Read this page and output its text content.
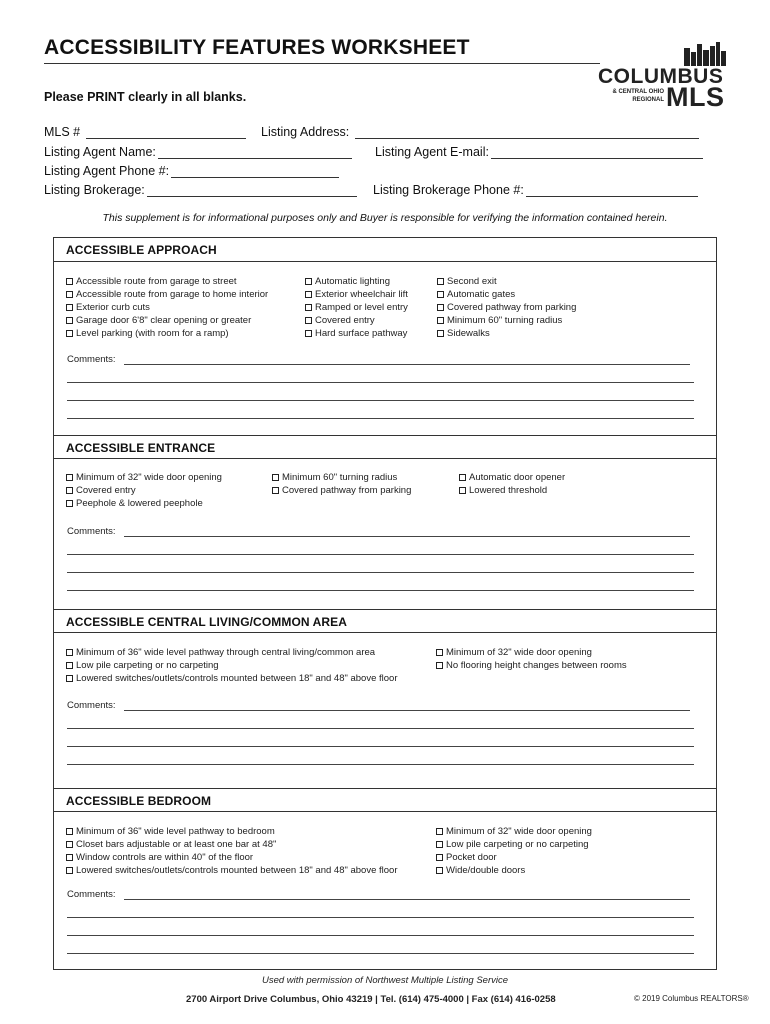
ACCESSIBILITY FEATURES WORKSHEET
COLUMBUS
& CENTRAL OHIO
REGIONAL MLS
Please PRINT clearly in all blanks.
MLS #	Listing Address:
Listing Agent Name:	Listing Agent E-mail:
Listing Agent Phone #:
Listing Brokerage:	Listing Brokerage Phone #:
This supplement is for informational purposes only and Buyer is responsible for verifying the information contained herein.
ACCESSIBLE APPROACH
Accessible route from garage to street
Accessible route from garage to home interior
Exterior curb cuts
Garage door 6'8" clear opening or greater
Level parking (with room for a ramp)
Automatic lighting
Exterior wheelchair lift
Ramped or level entry
Covered entry
Hard surface pathway
Second exit
Automatic gates
Covered pathway from parking
Minimum 60" turning radius
Sidewalks
Comments:
ACCESSIBLE ENTRANCE
Minimum of 32" wide door opening
Covered entry
Peephole & lowered peephole
Minimum 60" turning radius
Covered pathway from parking
Automatic door opener
Lowered threshold
Comments:
ACCESSIBLE CENTRAL LIVING/COMMON AREA
Minimum of 36" wide level pathway through central living/common area
Low pile carpeting or no carpeting
Lowered switches/outlets/controls mounted between 18" and 48" above floor
Minimum of 32" wide door opening
No flooring height changes between rooms
Comments:
ACCESSIBLE BEDROOM
Minimum of 36" wide level pathway to bedroom
Closet bars adjustable or at least one bar at 48"
Window controls are within 40" of the floor
Lowered switches/outlets/controls mounted between 18" and 48" above floor
Minimum of 32" wide door opening
Low pile carpeting or no carpeting
Pocket door
Wide/double doors
Comments:
Used with permission of Northwest Multiple Listing Service
2700 Airport Drive Columbus, Ohio 43219 | Tel. (614) 475-4000 | Fax (614) 416-0258	© 2019 Columbus REALTORS®
